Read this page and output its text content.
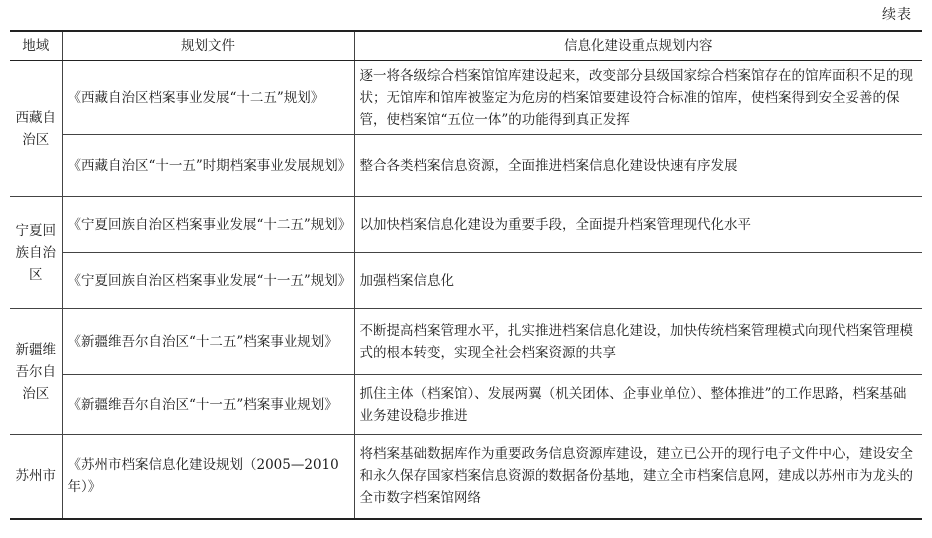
续表
地域	规划文件	信息化建设重点规划内容
西藏自治区	《西藏自治区档案事业发展“十二五”规划》	逐一将各级综合档案馆馆库建设起来，改变部分县级国家综合档案馆存在的馆库面积不足的现状；无馆库和馆库被鉴定为危房的档案馆要建设符合标准的馆库，使档案得到安全妥善的保管，使档案馆“五位一体”的功能得到真正发挥
	《西藏自治区“十一五”时期档案事业发展规划》	整合各类档案信息资源，全面推进档案信息化建设快速有序发展
宁夏回族自治区	《宁夏回族自治区档案事业发展“十二五”规划》	以加快档案信息化建设为重要手段，全面提升档案管理现代化水平
	《宁夏回族自治区档案事业发展“十一五”规划》	加强档案信息化
新疆维吾尔自治区	《新疆维吾尔自治区“十二五”档案事业规划》	不断提高档案管理水平，扎实推进档案信息化建设，加快传统档案管理模式向现代档案管理模式的根本转变，实现全社会档案资源的共享
	《新疆维吾尔自治区“十一五”档案事业规划》	抓住主体（档案馆）、发展两翼（机关团体、企事业单位）、整体推进”的工作思路，档案基础业务建设稳步推进
苏州市	《苏州市档案信息化建设规划（2005—2010年）》	将档案基础数据库作为重要政务信息资源库建设，建立已公开的现行电子文件中心，建设安全和永久保存国家档案信息资源的数据备份基地，建立全市档案信息网，建成以苏州市为龙头的全市数字档案馆网络
